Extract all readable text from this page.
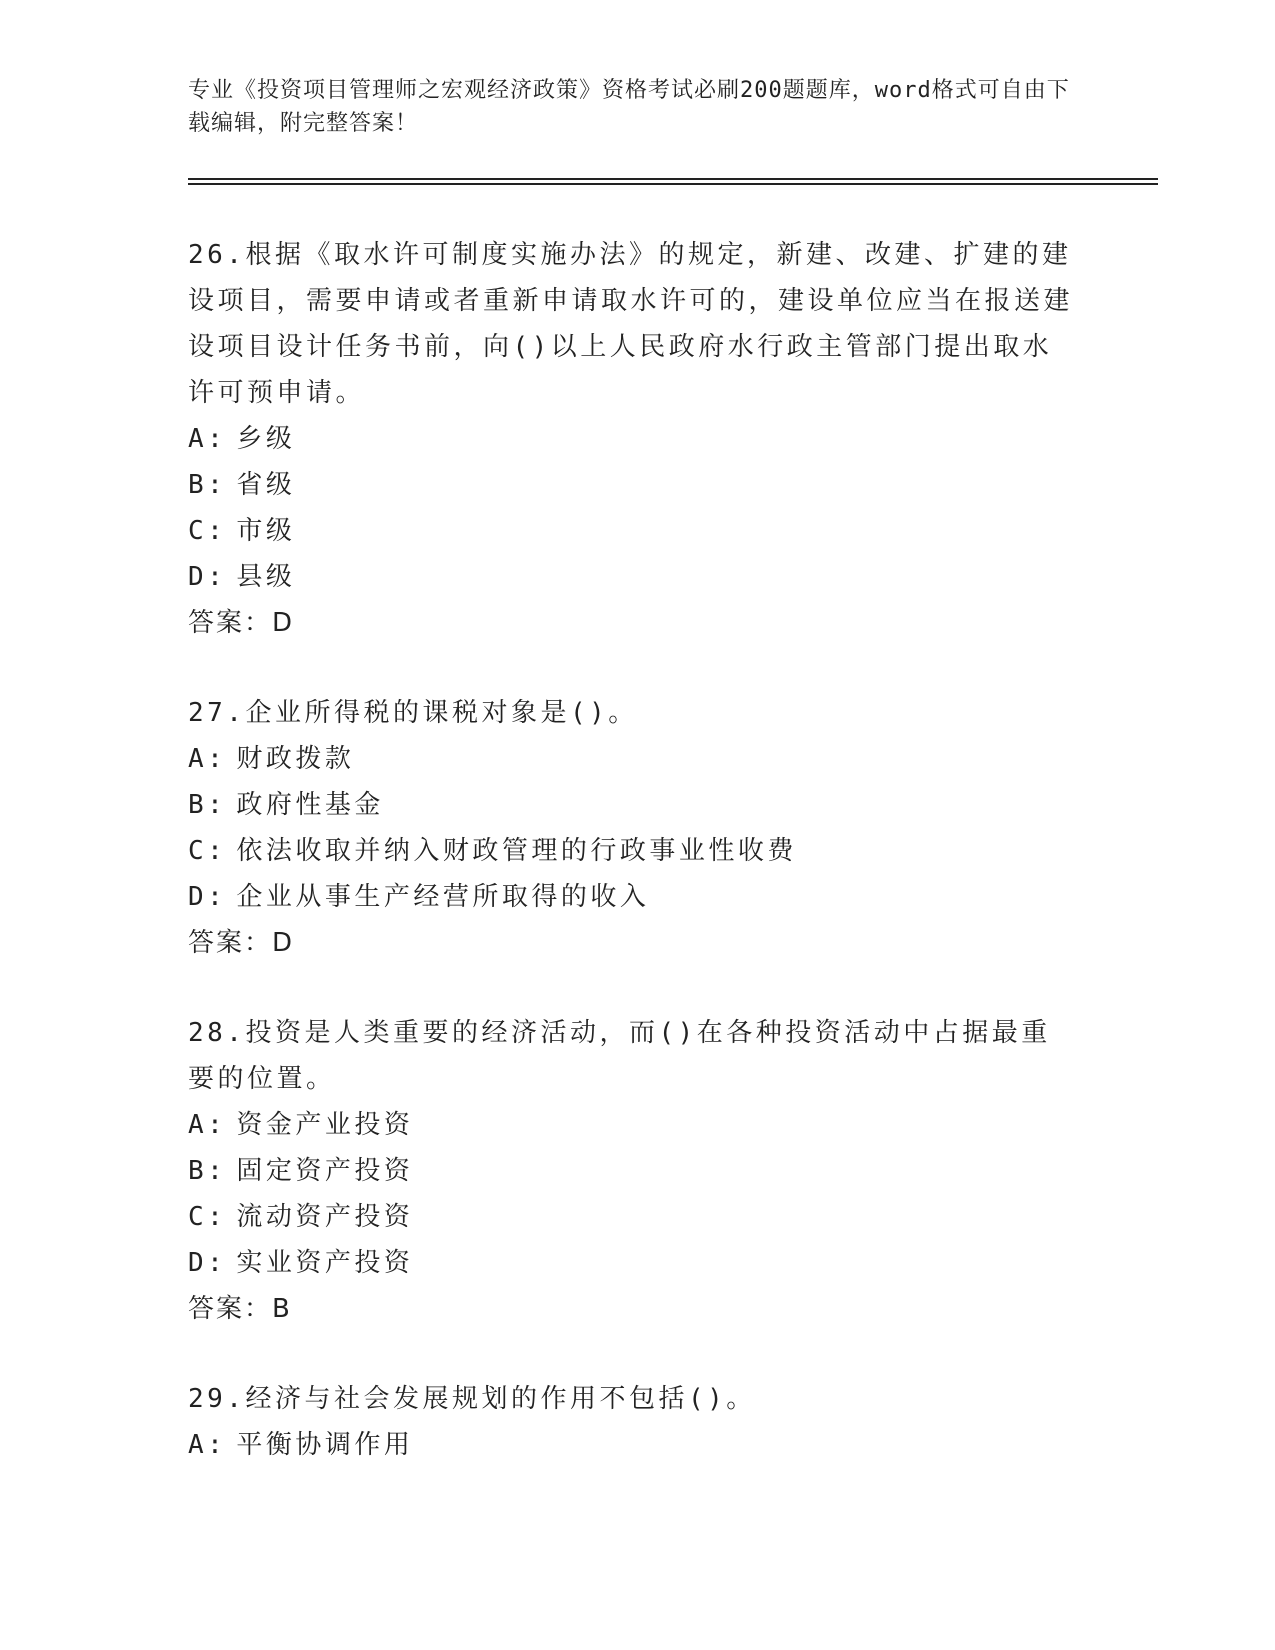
专业《投资项目管理师之宏观经济政策》资格考试必刷200题题库，word格式可自由下载编辑，附完整答案！
26.根据《取水许可制度实施办法》的规定，新建、改建、扩建的建设项目，需要申请或者重新申请取水许可的，建设单位应当在报送建设项目设计任务书前，向()以上人民政府水行政主管部门提出取水许可预申请。
A: 乡级
B: 省级
C: 市级
D: 县级
答案：D
27.企业所得税的课税对象是()。
A: 财政拨款
B: 政府性基金
C: 依法收取并纳入财政管理的行政事业性收费
D: 企业从事生产经营所取得的收入
答案：D
28.投资是人类重要的经济活动，而()在各种投资活动中占据最重要的位置。
A: 资金产业投资
B: 固定资产投资
C: 流动资产投资
D: 实业资产投资
答案：B
29.经济与社会发展规划的作用不包括()。
A: 平衡协调作用
